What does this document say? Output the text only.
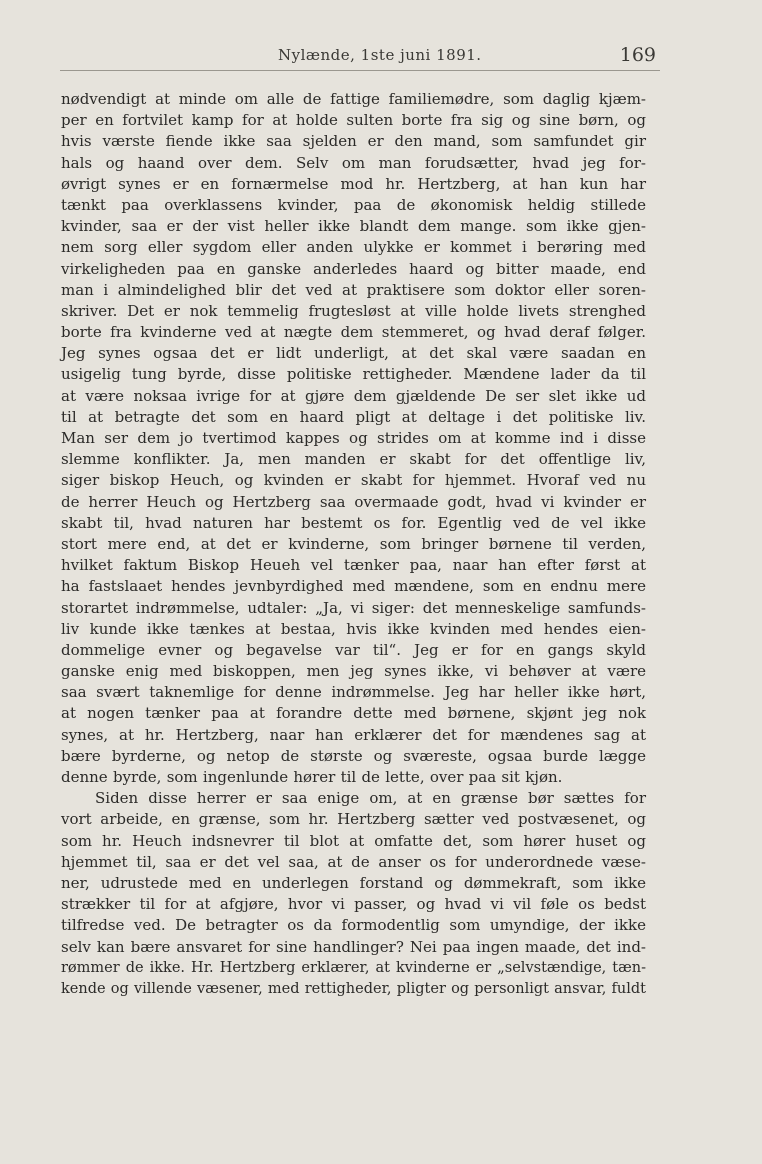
Nylænde, 1ste juni 1891.	169
nødvendigt at minde om alle de fattige familiemødre, som daglig kjæm-
per en fortvilet kamp for at holde sulten borte fra sig og sine børn, og
hvis værste fiende ikke saa sjelden er den mand, som samfundet gir
hals og haand over dem. Selv om man forudsætter, hvad jeg for-
øvrigt synes er en fornærmelse mod hr. Hertzberg, at han kun har
tænkt paa overklassens kvinder, paa de økonomisk heldig stillede
kvinder, saa er der vist heller ikke blandt dem mange. som ikke gjen-
nem sorg eller sygdom eller anden ulykke er kommet i berøring med
virkeligheden paa en ganske anderledes haard og bitter maade, end
man i almindelighed blir det ved at praktisere som doktor eller soren-
skriver. Det er nok temmelig frugtesløst at ville holde livets strenghed
borte fra kvinderne ved at nægte dem stemmeret, og hvad deraf følger.
Jeg synes ogsaa det er lidt underligt, at det skal være saadan en
usigelig tung byrde, disse politiske rettigheder. Mændene lader da til
at være noksaa ivrige for at gjøre dem gjældende De ser slet ikke ud
til at betragte det som en haard pligt at deltage i det politiske liv.
Man ser dem jo tvertimod kappes og strides om at komme ind i disse
slemme konflikter. Ja, men manden er skabt for det offentlige liv,
siger biskop Heuch, og kvinden er skabt for hjemmet. Hvoraf ved nu
de herrer Heuch og Hertzberg saa overmaade godt, hvad vi kvinder er
skabt til, hvad naturen har bestemt os for. Egentlig ved de vel ikke
stort mere end, at det er kvinderne, som bringer børnene til verden,
hvilket faktum Biskop Heueh vel tænker paa, naar han efter først at
ha fastslaaet hendes jevnbyrdighed med mændene, som en endnu mere
storartet indrømmelse, udtaler: „Ja, vi siger: det menneskelige samfunds-
liv kunde ikke tænkes at bestaa, hvis ikke kvinden med hendes eien-
dommelige evner og begavelse var til“. Jeg er for en gangs skyld
ganske enig med biskoppen, men jeg synes ikke, vi behøver at være
saa svært taknemlige for denne indrømmelse. Jeg har heller ikke hørt,
at nogen tænker paa at forandre dette med børnene, skjønt jeg nok
synes, at hr. Hertzberg, naar han erklærer det for mændenes sag at
bære byrderne, og netop de største og sværeste, ogsaa burde lægge
denne byrde, som ingenlunde hører til de lette, over paa sit kjøn.
Siden disse herrer er saa enige om, at en grænse bør sættes for
vort arbeide, en grænse, som hr. Hertzberg sætter ved postvæsenet, og
som hr. Heuch indsnevrer til blot at omfatte det, som hører huset og
hjemmet til, saa er det vel saa, at de anser os for underordnede væse-
ner, udrustede med en underlegen forstand og dømmekraft, som ikke
strækker til for at afgjøre, hvor vi passer, og hvad vi vil føle os bedst
tilfredse ved. De betragter os da formodentlig som umyndige, der ikke
selv kan bære ansvaret for sine handlinger? Nei paa ingen maade, det ind-
rømmer de ikke. Hr. Hertzberg erklærer, at kvinderne er „selvstændige, tæn-
kende og villende væsener, med rettigheder, pligter og personligt ansvar, fuldt
